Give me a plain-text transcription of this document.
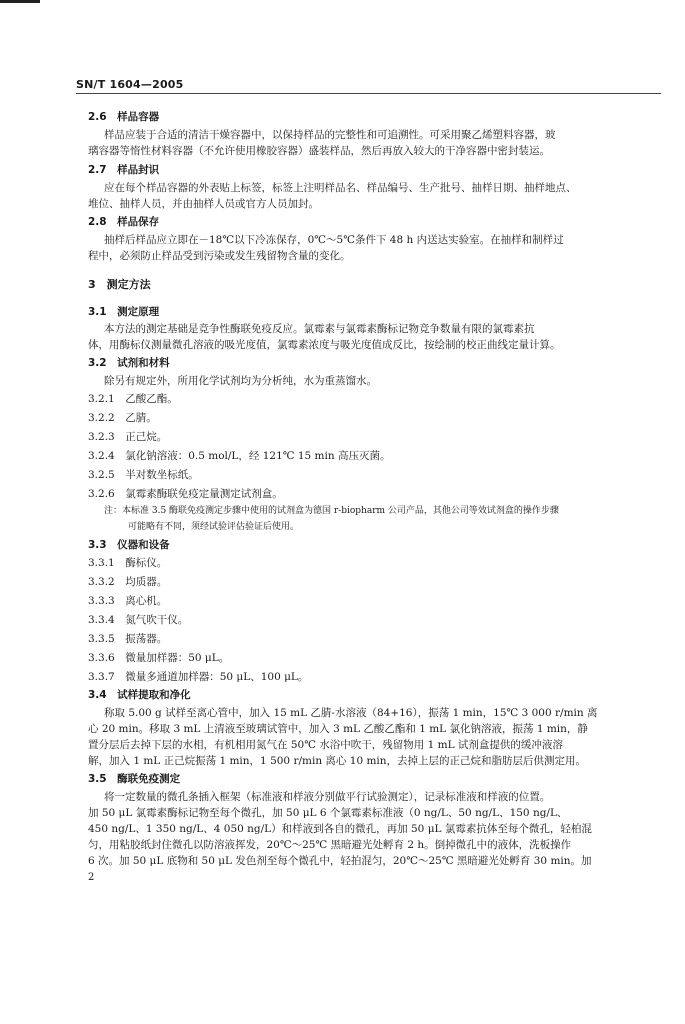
SN/T 1604—2005
2.6　样品容器
样品应装于合适的清洁干燥容器中，以保持样品的完整性和可追溯性。可采用聚乙烯塑料容器，玻
璃容器等惰性材料容器（不允许使用橡胶容器）盛装样品，然后再放入较大的干净容器中密封装运。
2.7　样品封识
应在每个样品容器的外表贴上标签，标签上注明样品名、样品编号、生产批号、抽样日期、抽样地点、
堆位、抽样人员，并由抽样人员或官方人员加封。
2.8　样品保存
抽样后样品应立即在－18℃以下冷冻保存，0℃～5℃条件下 48 h 内送达实验室。在抽样和制样过
程中，必须防止样品受到污染或发生残留物含量的变化。
3　测定方法
3.1　测定原理
本方法的测定基础是竞争性酶联免疫反应。氯霉素与氯霉素酶标记物竞争数量有限的氯霉素抗
体，用酶标仪测量微孔溶液的吸光度值，氯霉素浓度与吸光度值成反比，按绘制的校正曲线定量计算。
3.2　试剂和材料
除另有规定外，所用化学试剂均为分析纯，水为重蒸馏水。
3.2.1　乙酸乙酯。
3.2.2　乙腈。
3.2.3　正己烷。
3.2.4　氯化钠溶液：0.5 mol/L，经 121℃ 15 min 高压灭菌。
3.2.5　半对数坐标纸。
3.2.6　氯霉素酶联免疫定量测定试剂盒。
注：本标准 3.5 酶联免疫测定步骤中使用的试剂盒为德国 r-biopharm 公司产品，其他公司等效试剂盒的操作步骤
可能略有不同，须经试验评估验证后使用。
3.3　仪器和设备
3.3.1　酶标仪。
3.3.2　均质器。
3.3.3　离心机。
3.3.4　氮气吹干仪。
3.3.5　振荡器。
3.3.6　微量加样器：50 μL。
3.3.7　微量多通道加样器：50 μL、100 μL。
3.4　试样提取和净化
称取 5.00 g 试样至离心管中，加入 15 mL 乙腈-水溶液（84+16），振荡 1 min，15℃ 3 000 r/min 离
心 20 min。移取 3 mL 上清液至玻璃试管中，加入 3 mL 乙酸乙酯和 1 mL 氯化钠溶液，振荡 1 min，静
置分层后去掉下层的水相，有机相用氮气在 50℃ 水浴中吹干，残留物用 1 mL 试剂盒提供的缓冲液溶
解，加入 1 mL 正己烷振荡 1 min，1 500 r/min 离心 10 min，去掉上层的正己烷和脂肪层后供测定用。
3.5　酶联免疫测定
将一定数量的微孔条插入框架（标准液和样液分别做平行试验测定），记录标准液和样液的位置。
加 50 μL 氯霉素酶标记物至每个微孔，加 50 μL 6 个氯霉素标准液（0 ng/L、50 ng/L、150 ng/L、
450 ng/L、1 350 ng/L、4 050 ng/L）和样液到各自的微孔，再加 50 μL 氯霉素抗体至每个微孔，轻柏混
匀，用粘胶纸封住微孔以防溶液挥发，20℃～25℃ 黑暗避光处孵育 2 h。倒掉微孔中的液体，洗板操作
6 次。加 50 μL 底物和 50 μL 发色剂至每个微孔中，轻拍混匀，20℃～25℃ 黑暗避光处孵育 30 min。加
2
